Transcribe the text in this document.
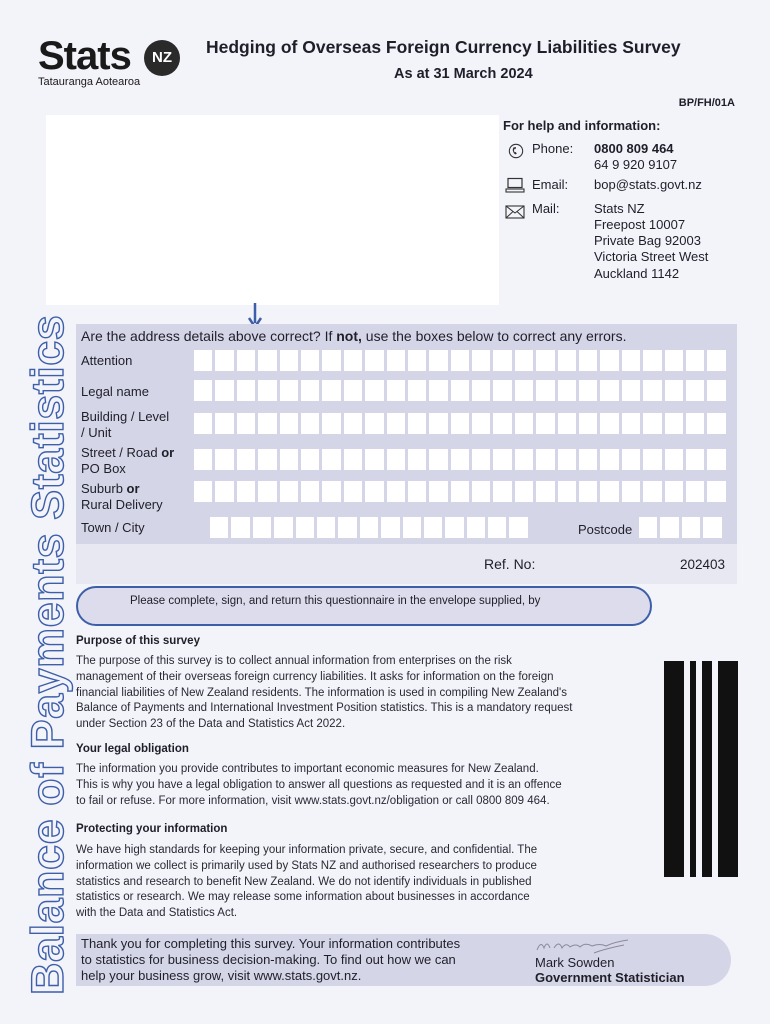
Stats	NZ
Tatauranga Aotearoa
Hedging of Overseas Foreign Currency Liabilities Survey
As at 31 March 2024
BP/FH/01A
For help and information:
Phone: 0800 809 464
64 9 920 9107
Email: bop@stats.govt.nz
Mail:	Stats NZ
Freepost 10007
Private Bag 92003
Victoria Street West
Auckland 1142
Are the address details above correct? If not, use the boxes below to correct any errors.
Attention
Legal name
Building / Level
/ Unit
Street / Road or
PO Box
Suburb or
Rural Delivery
Town / City	Postcode
Ref. No:	202403
Please complete, sign, and return this questionnaire in the envelope supplied, by
Purpose of this survey
The purpose of this survey is to collect annual information from enterprises on the risk
management of their overseas foreign currency liabilities. It asks for information on the foreign
financial liabilities of New Zealand residents. The information is used in compiling New Zealand's
Balance of Payments and International Investment Position statistics. This is a mandatory request
under Section 23 of the Data and Statistics Act 2022.
Your legal obligation
The information you provide contributes to important economic measures for New Zealand.
This is why you have a legal obligation to answer all questions as requested and it is an offence
to fail or refuse. For more information, visit www.stats.govt.nz/obligation or call 0800 809 464.
Protecting your information
We have high standards for keeping your information private, secure, and confidential. The
information we collect is primarily used by Stats NZ and authorised researchers to produce
statistics and research to benefit New Zealand. We do not identify individuals in published
statistics or research. We may release some information about businesses in accordance
with the Data and Statistics Act.
Balance of Payments Statistics Thank you for completing this survey. Your information contributes
to statistics for business decision-making. To find out how we can
help your business grow, visit www.stats.govt.nz.
Mark Sowden
Government Statistician
